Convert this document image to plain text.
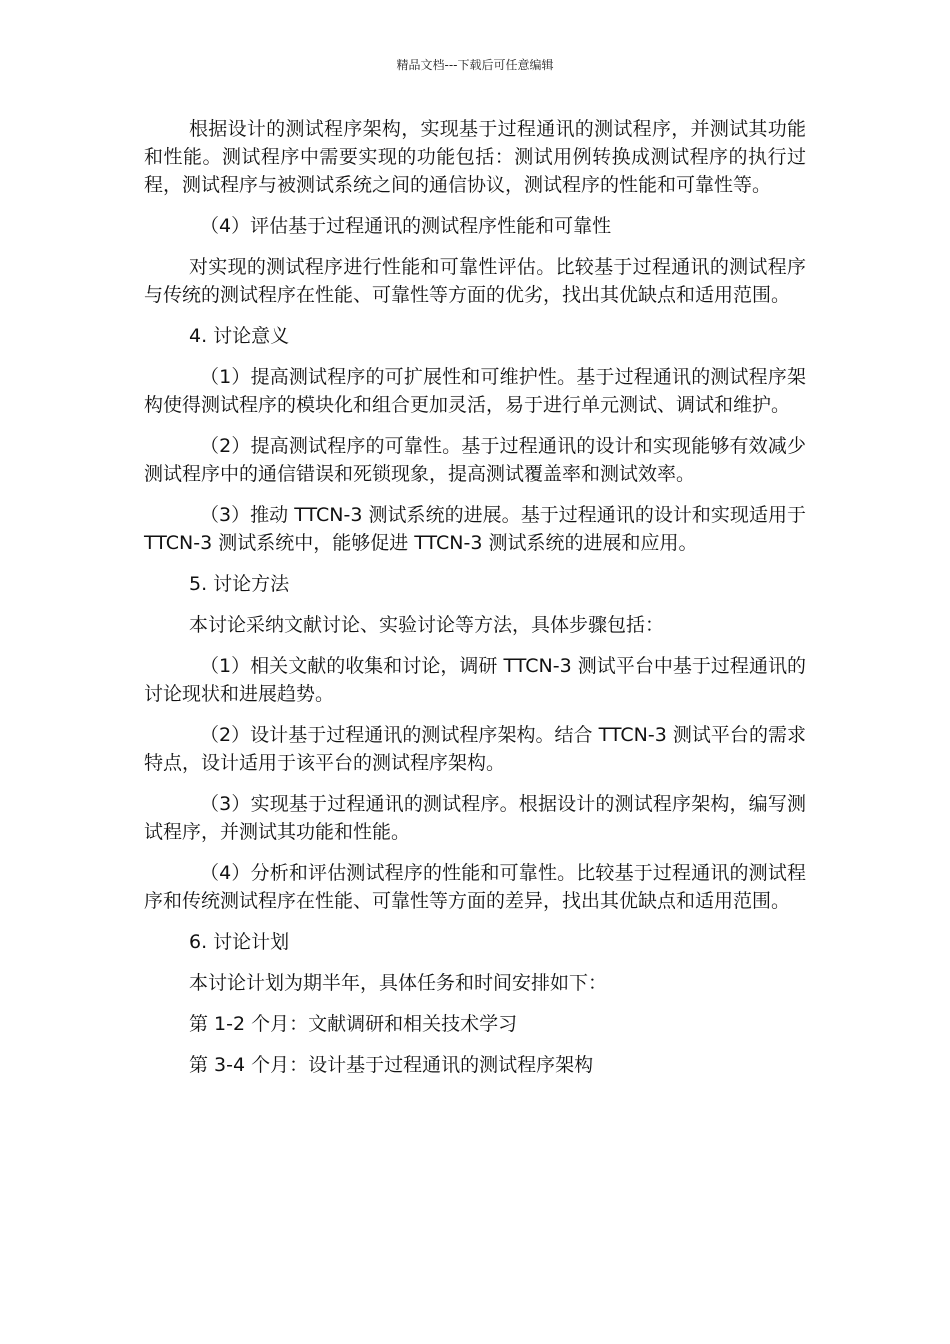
精品文档---下载后可任意编辑

根据设计的测试程序架构，实现基于过程通讯的测试程序，并测试其功能和性能。测试程序中需要实现的功能包括：测试用例转换成测试程序的执行过程，测试程序与被测试系统之间的通信协议，测试程序的性能和可靠性等。

（4）评估基于过程通讯的测试程序性能和可靠性

对实现的测试程序进行性能和可靠性评估。比较基于过程通讯的测试程序与传统的测试程序在性能、可靠性等方面的优劣，找出其优缺点和适用范围。

4. 讨论意义

（1）提高测试程序的可扩展性和可维护性。基于过程通讯的测试程序架构使得测试程序的模块化和组合更加灵活，易于进行单元测试、调试和维护。

（2）提高测试程序的可靠性。基于过程通讯的设计和实现能够有效减少测试程序中的通信错误和死锁现象，提高测试覆盖率和测试效率。

（3）推动 TTCN-3 测试系统的进展。基于过程通讯的设计和实现适用于 TTCN-3 测试系统中，能够促进 TTCN-3 测试系统的进展和应用。

5. 讨论方法

本讨论采纳文献讨论、实验讨论等方法，具体步骤包括：

（1）相关文献的收集和讨论，调研 TTCN-3 测试平台中基于过程通讯的讨论现状和进展趋势。

（2）设计基于过程通讯的测试程序架构。结合 TTCN-3 测试平台的需求特点，设计适用于该平台的测试程序架构。

（3）实现基于过程通讯的测试程序。根据设计的测试程序架构，编写测试程序，并测试其功能和性能。

（4）分析和评估测试程序的性能和可靠性。比较基于过程通讯的测试程序和传统测试程序在性能、可靠性等方面的差异，找出其优缺点和适用范围。

6. 讨论计划

本讨论计划为期半年，具体任务和时间安排如下：

第 1-2 个月：文献调研和相关技术学习

第 3-4 个月：设计基于过程通讯的测试程序架构
